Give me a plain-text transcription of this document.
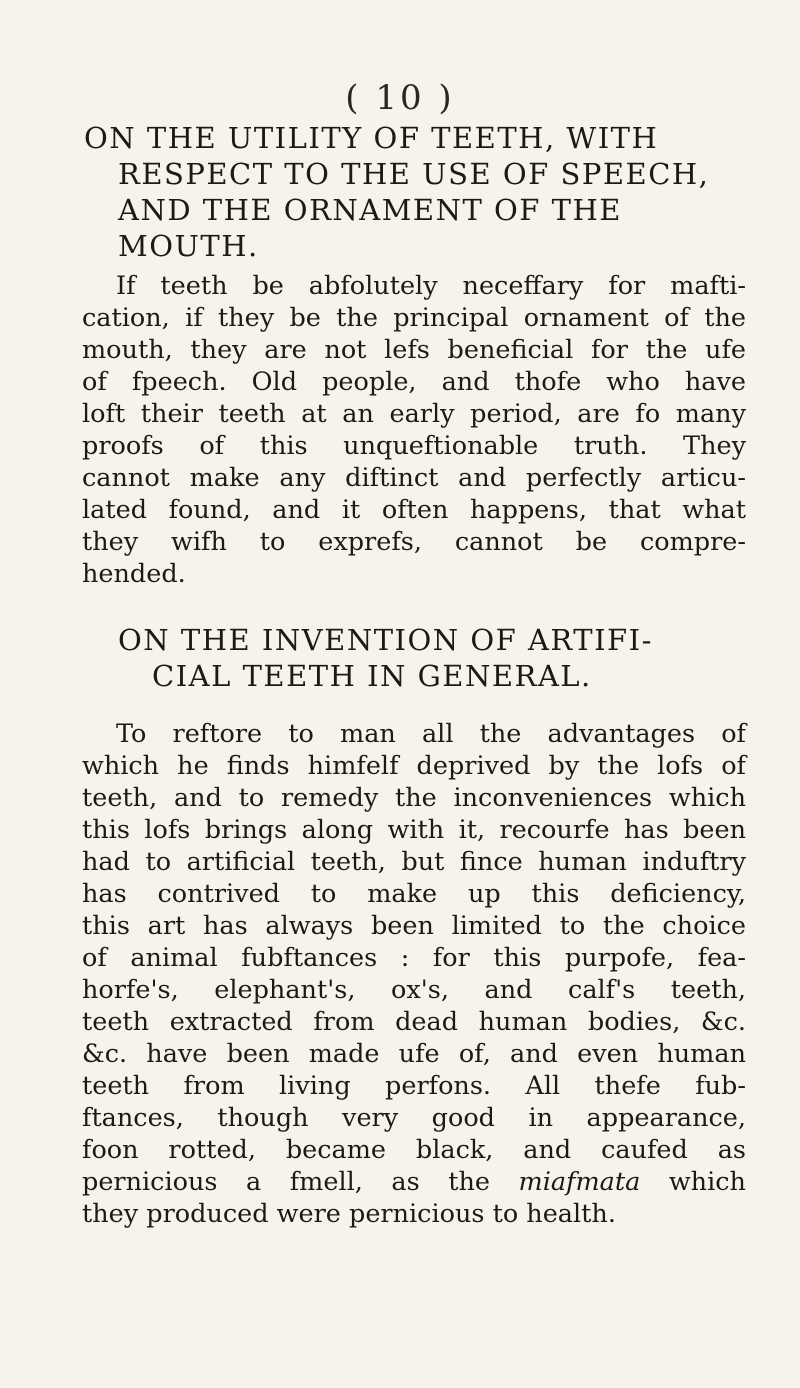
( 10 )
ON THE UTILITY OF TEETH, WITH
RESPECT TO THE USE OF SPEECH,
AND THE ORNAMENT OF THE
MOUTH.

If teeth be abfolutely neceffary for mafti-
cation, if they be the principal ornament of the
mouth, they are not lefs beneficial for the ufe
of fpeech. Old people, and thofe who have
loft their teeth at an early period, are fo many
proofs of this unqueftionable truth. They
cannot make any diftinct and perfectly articu-
lated found, and it often happens, that what
they wifh to exprefs, cannot be compre-
hended.

ON THE INVENTION OF ARTIFI-
CIAL TEETH IN GENERAL.

To reftore to man all the advantages of
which he finds himfelf deprived by the lofs of
teeth, and to remedy the inconveniences which
this lofs brings along with it, recourfe has been
had to artificial teeth, but fince human induftry
has contrived to make up this deficiency,
this art has always been limited to the choice
of animal fubftances : for this purpofe, fea-
horfe's, elephant's, ox's, and calf's teeth,
teeth extracted from dead human bodies, &c.
&c. have been made ufe of, and even human
teeth from living perfons. All thefe fub-
ftances, though very good in appearance,
foon rotted, became black, and caufed as
pernicious a fmell, as the miafmata which
they produced were pernicious to health.
